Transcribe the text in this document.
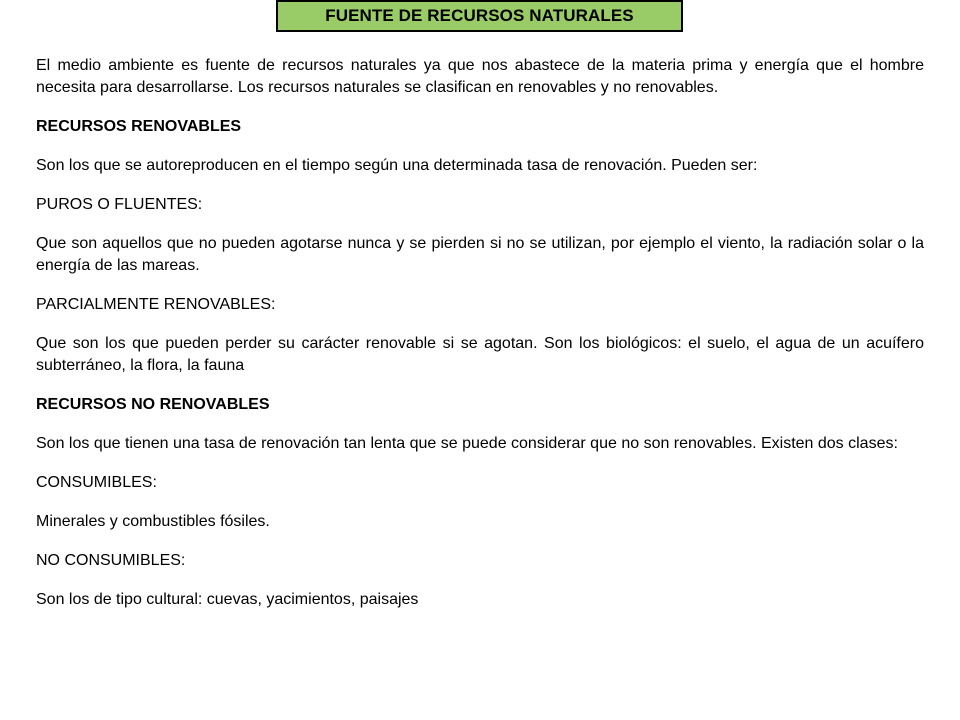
FUENTE DE RECURSOS NATURALES

El medio ambiente es fuente de recursos naturales ya que nos abastece de la materia prima y energía que el hombre necesita para desarrollarse. Los recursos naturales se clasifican en renovables y no renovables.

RECURSOS RENOVABLES

Son los que se autoreproducen en el tiempo según una determinada tasa de renovación. Pueden ser:

PUROS O FLUENTES:

Que son aquellos que no pueden agotarse nunca y se pierden si no se utilizan, por ejemplo el viento, la radiación solar o la energía de las mareas.

PARCIALMENTE RENOVABLES:

Que son los que pueden perder su carácter renovable si se agotan. Son los biológicos: el suelo, el agua de un acuífero subterráneo, la flora, la fauna

RECURSOS NO RENOVABLES

Son los que tienen una tasa de renovación tan lenta que se puede considerar que no son renovables. Existen dos clases:

CONSUMIBLES:

Minerales y combustibles fósiles.

NO CONSUMIBLES:

Son los de tipo cultural: cuevas, yacimientos, paisajes
